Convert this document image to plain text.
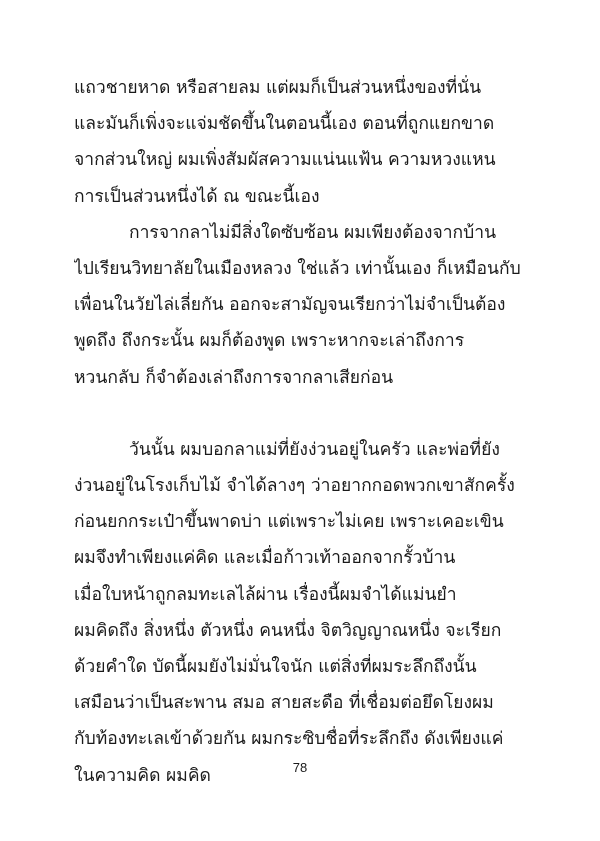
แถวชายหาด หรือสายลม แต่ผมก็เป็นส่วนหนึ่งของที่นั่น
และมันก็เพิ่งจะแจ่มชัดขึ้นในตอนนี้เอง ตอนที่ถูกแยกขาด
จากส่วนใหญ่ ผมเพิ่งสัมผัสความแน่นแฟ้น ความหวงแหน
การเป็นส่วนหนึ่งได้ ณ ขณะนี้เอง
การจากลาไม่มีสิ่งใดซับซ้อน ผมเพียงต้องจากบ้าน
ไปเรียนวิทยาลัยในเมืองหลวง ใช่แล้ว เท่านั้นเอง ก็เหมือนกับ
เพื่อนในวัยไล่เลี่ยกัน ออกจะสามัญจนเรียกว่าไม่จำเป็นต้อง
พูดถึง ถึงกระนั้น ผมก็ต้องพูด เพราะหากจะเล่าถึงการ
หวนกลับ ก็จำต้องเล่าถึงการจากลาเสียก่อน
วันนั้น ผมบอกลาแม่ที่ยังง่วนอยู่ในครัว และพ่อที่ยัง
ง่วนอยู่ในโรงเก็บไม้ จำได้ลางๆ ว่าอยากกอดพวกเขาสักครั้ง
ก่อนยกกระเป๋าขึ้นพาดบ่า แต่เพราะไม่เคย เพราะเคอะเขิน
ผมจึงทำเพียงแค่คิด และเมื่อก้าวเท้าออกจากรั้วบ้าน
เมื่อใบหน้าถูกลมทะเลไล้ผ่าน เรื่องนี้ผมจำได้แม่นยำ
ผมคิดถึง สิ่งหนึ่ง ตัวหนึ่ง คนหนึ่ง จิตวิญญาณหนึ่ง จะเรียก
ด้วยคำใด บัดนี้ผมยังไม่มั่นใจนัก แต่สิ่งที่ผมระลึกถึงนั้น
เสมือนว่าเป็นสะพาน สมอ สายสะดือ ที่เชื่อมต่อยึดโยงผม
กับท้องทะเลเข้าด้วยกัน ผมกระซิบชื่อที่ระลึกถึง ดังเพียงแค่
ในความคิด ผมคิด	78
